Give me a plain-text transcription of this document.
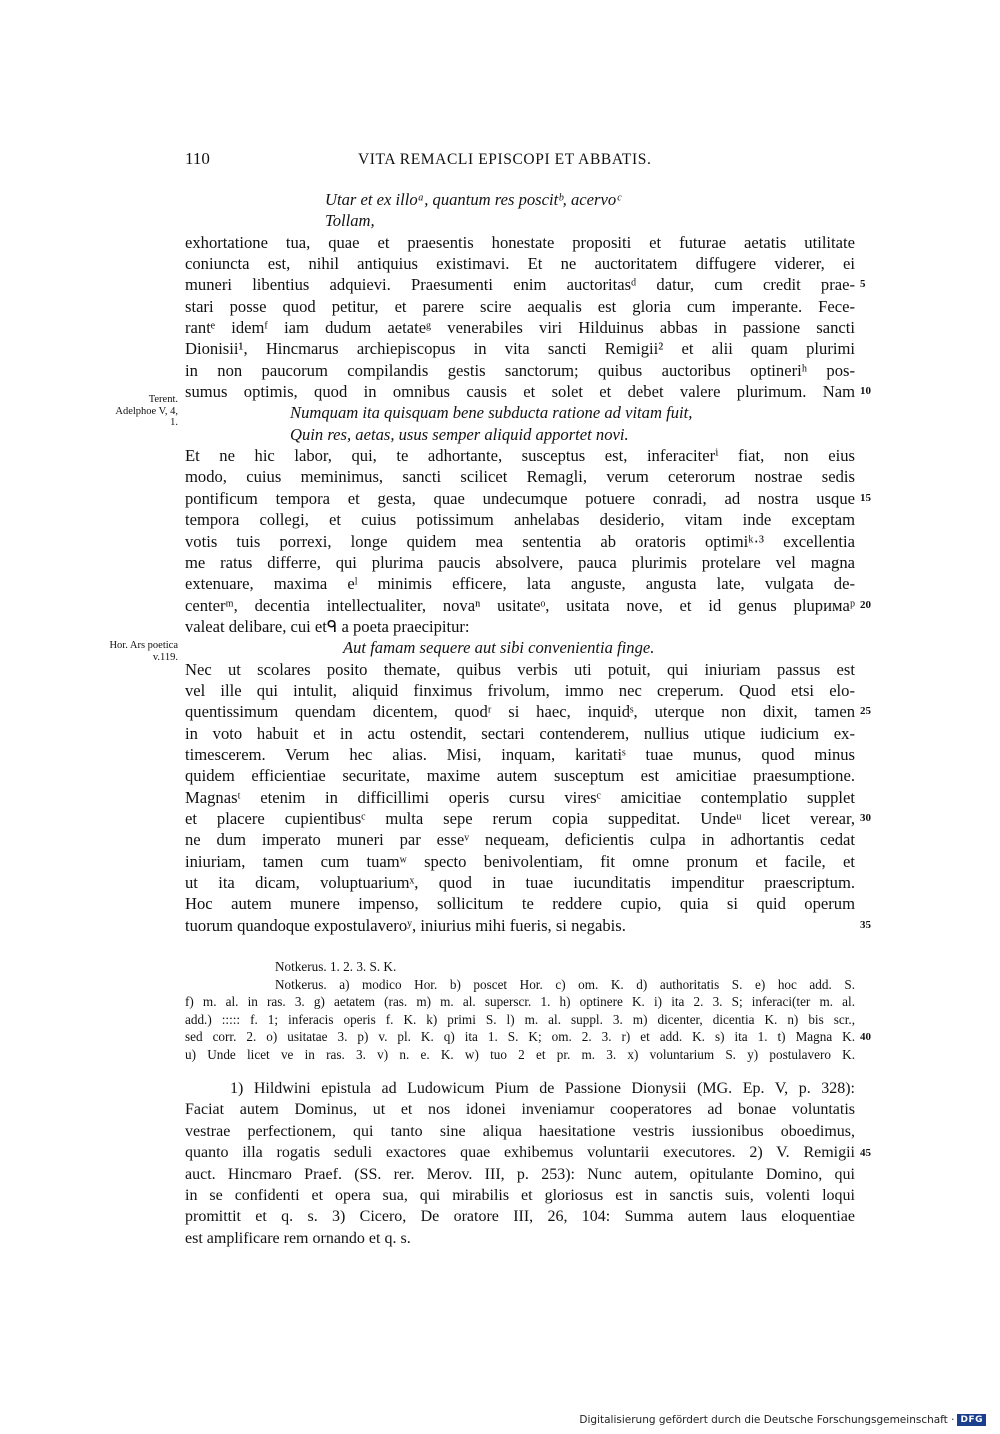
110	VITA REMACLI EPISCOPI ET ABBATIS.
Utar et ex illoᵃ, quantum res poscitᵇ, acervoᶜ
Tollam,
exhortatione tua, quae et praesentis honestate propositi et futurae aetatis utilitate
coniuncta est, nihil antiquius existimavi. Et ne auctoritatem diffugere viderer, ei
muneri libentius adquievi. Praesumenti enim auctoritasᵈ datur, cum credit prae-
stari posse quod petitur, et parere scire aequalis est gloria cum imperante. Fece-
rantᵉ idemᶠ iam dudum aetateᵍ venerabiles viri Hilduinus abbas in passione sancti
Dionisii¹, Hincmarus archiepiscopus in vita sancti Remigii² et alii quam plurimi
in non paucorum compilandis gestis sanctorum; quibus auctoribus optineriʰ pos-
sumus optimis, quod in omnibus causis et solet et debet valere plurimum. Nam
Numquam ita quisquam bene subducta ratione ad vitam fuit,
Quin res, aetas, usus semper aliquid apportet novi.
Et ne hic labor, qui, te adhortante, susceptus est, inferaciterⁱ fiat, non eius
modo, cuius meminimus, sancti scilicet Remagli, verum ceterorum nostrae sedis
pontificum tempora et gesta, quae undecumque potuere conradi, ad nostra usque
tempora collegi, et cuius potissimum anhelabas desiderio, vitam inde exceptam
votis tuis porrexi, longe quidem mea sententia ab oratoris optimiᵏ·³ excellentia
me ratus differre, qui plurima paucis absolvere, pauca plurimis protelare vel magna
extenuare, maxima eˡ minimis efficere, lata anguste, angusta late, vulgata de-
centerᵐ, decentia intellectualiter, novaⁿ usitateᵒ, usitata nove, et id genus pluримaᵖ
valeat delibare, cui etᑫ a poeta praecipitur:
Aut famam sequere aut sibi convenientia finge.
Nec ut scolares posito themate, quibus verbis uti potuit, qui iniuriam passus est
vel ille qui intulit, aliquid finximus frivolum, immo nec creperum. Quod etsi elo-
quentissimum quendam dicentem, quodʳ si haec, inquidˢ, uterque non dixit, tamen
in voto habuit et in actu ostendit, sectari contenderem, nullius utique iudicium ex-
timescerem. Verum hec alias. Misi, inquam, karitatiˢ tuae munus, quod minus
quidem efficientiae securitate, maxime autem susceptum est amicitiae praesumptione.
Magnasᵗ etenim in difficillimi operis cursu viresᶜ amicitiae contemplatio supplet
et placere cupientibusᶜ multa sepe rerum copia suppeditat. Undeᵘ licet verear,
ne dum imperato muneri par esseᵛ nequeam, deficientis culpa in adhortantis cedat
iniuriam, tamen cum tuamʷ specto benivolentiam, fit omne pronum et facile, et
ut ita dicam, voluptuariumˣ, quod in tuae iucunditatis impenditur praescriptum.
Hoc autem munere impenso, sollicitum te reddere cupio, quia si quid operum
tuorum quandoque expostulaveroʸ, iniurius mihi fueris, si negabis.
Terent. Adelphoe V, 4, 1.
Hor. Ars poetica v.119.
5
10
15
20
25
30
35
Notkerus. 1. 2. 3. S. K.
Notkerus. a) modico Hor. b) poscet Hor. c) om. K. d) authoritatis S. e) hoc add. S.
f) m. al. in ras. 3. g) aetatem (ras. m) m. al. superscr. 1. h) optinere K. i) ita 2. 3. S; inferaci(ter m. al.
add.) ::::: f. 1; inferacis operis f. K. k) primi S. l) m. al. suppl. 3. m) dicenter, dicentia K. n) bis scr.,
sed corr. 2. o) usitatae 3. p) v. pl. K. q) ita 1. S. K; om. 2. 3. r) et add. K. s) ita 1. t) Magna K.
u) Unde licet ve in ras. 3. v) n. e. K. w) tuo 2 et pr. m. 3. x) voluntarium S. y) postulavero K.
40
1) Hildwini epistula ad Ludowicum Pium de Passione Dionysii (MG. Ep. V, p. 328):
Faciat autem Dominus, ut et nos idonei inveniamur cooperatores ad bonae voluntatis
vestrae perfectionem, qui tanto sine aliqua haesitatione vestris iussionibus oboedimus,
quanto illa rogatis seduli exactores quae exhibemus voluntarii executores. 2) V. Remigii
auct. Hincmaro Praef. (SS. rer. Merov. III, p. 253): Nunc autem, opitulante Domino, qui
in se confidenti et opera sua, qui mirabilis et gloriosus est in sanctis suis, volenti loqui
promittit et q. s. 3) Cicero, De oratore III, 26, 104: Summa autem laus eloquentiae
est amplificare rem ornando et q. s.
45
Digitalisierung gefördert durch die Deutsche Forschungsgemeinschaft · DFG
